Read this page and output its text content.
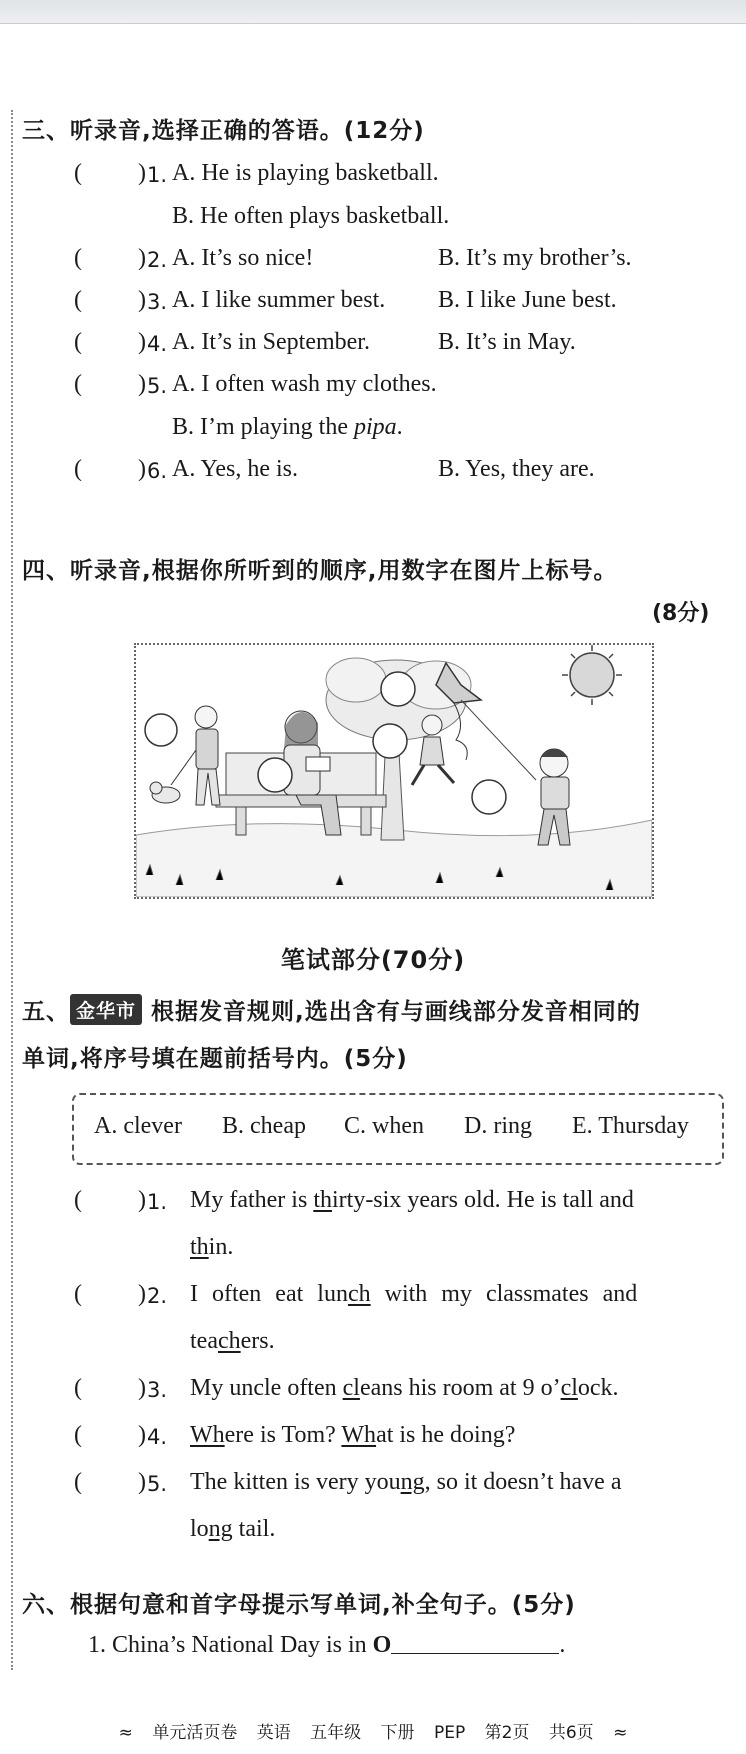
三、听录音,选择正确的答语。(12分)
( ) 1. A. He is playing basketball.
B. He often plays basketball.
( ) 2. A. It’s so nice!	B. It’s my brother’s.
( ) 3. A. I like summer best. B. I like June best.
( ) 4. A. It’s in September.	B. It’s in May.
( ) 5. A. I often wash my clothes.
B. I’m playing the pipa.
( ) 6. A. Yes, he is.	B. Yes, they are.
四、听录音,根据你所听到的顺序,用数字在图片上标号。
(8分)
笔试部分(70分)
五、 金华市 根据发音规则,选出含有与画线部分发音相同的
单词,将序号填在题前括号内。(5分)
A. clever B. cheap C. when D. ring E. Thursday
( ) 1. My father is thirty-six years old. He is tall and
thin.
( ) 2. I often eat lunch with my classmates and
teachers.
( ) 3. My uncle often cleans his room at 9 o’clock.
( ) 4. Where is Tom? What is he doing?
( ) 5. The kitten is very young, so it doesn’t have a
long tail.
六、根据句意和首字母提示写单词,补全句子。(5分)
1. China’s National Day is in O	.
≈ 单元活页卷 英语 五年级 下册 PEP 第2页 共6页 ≈
